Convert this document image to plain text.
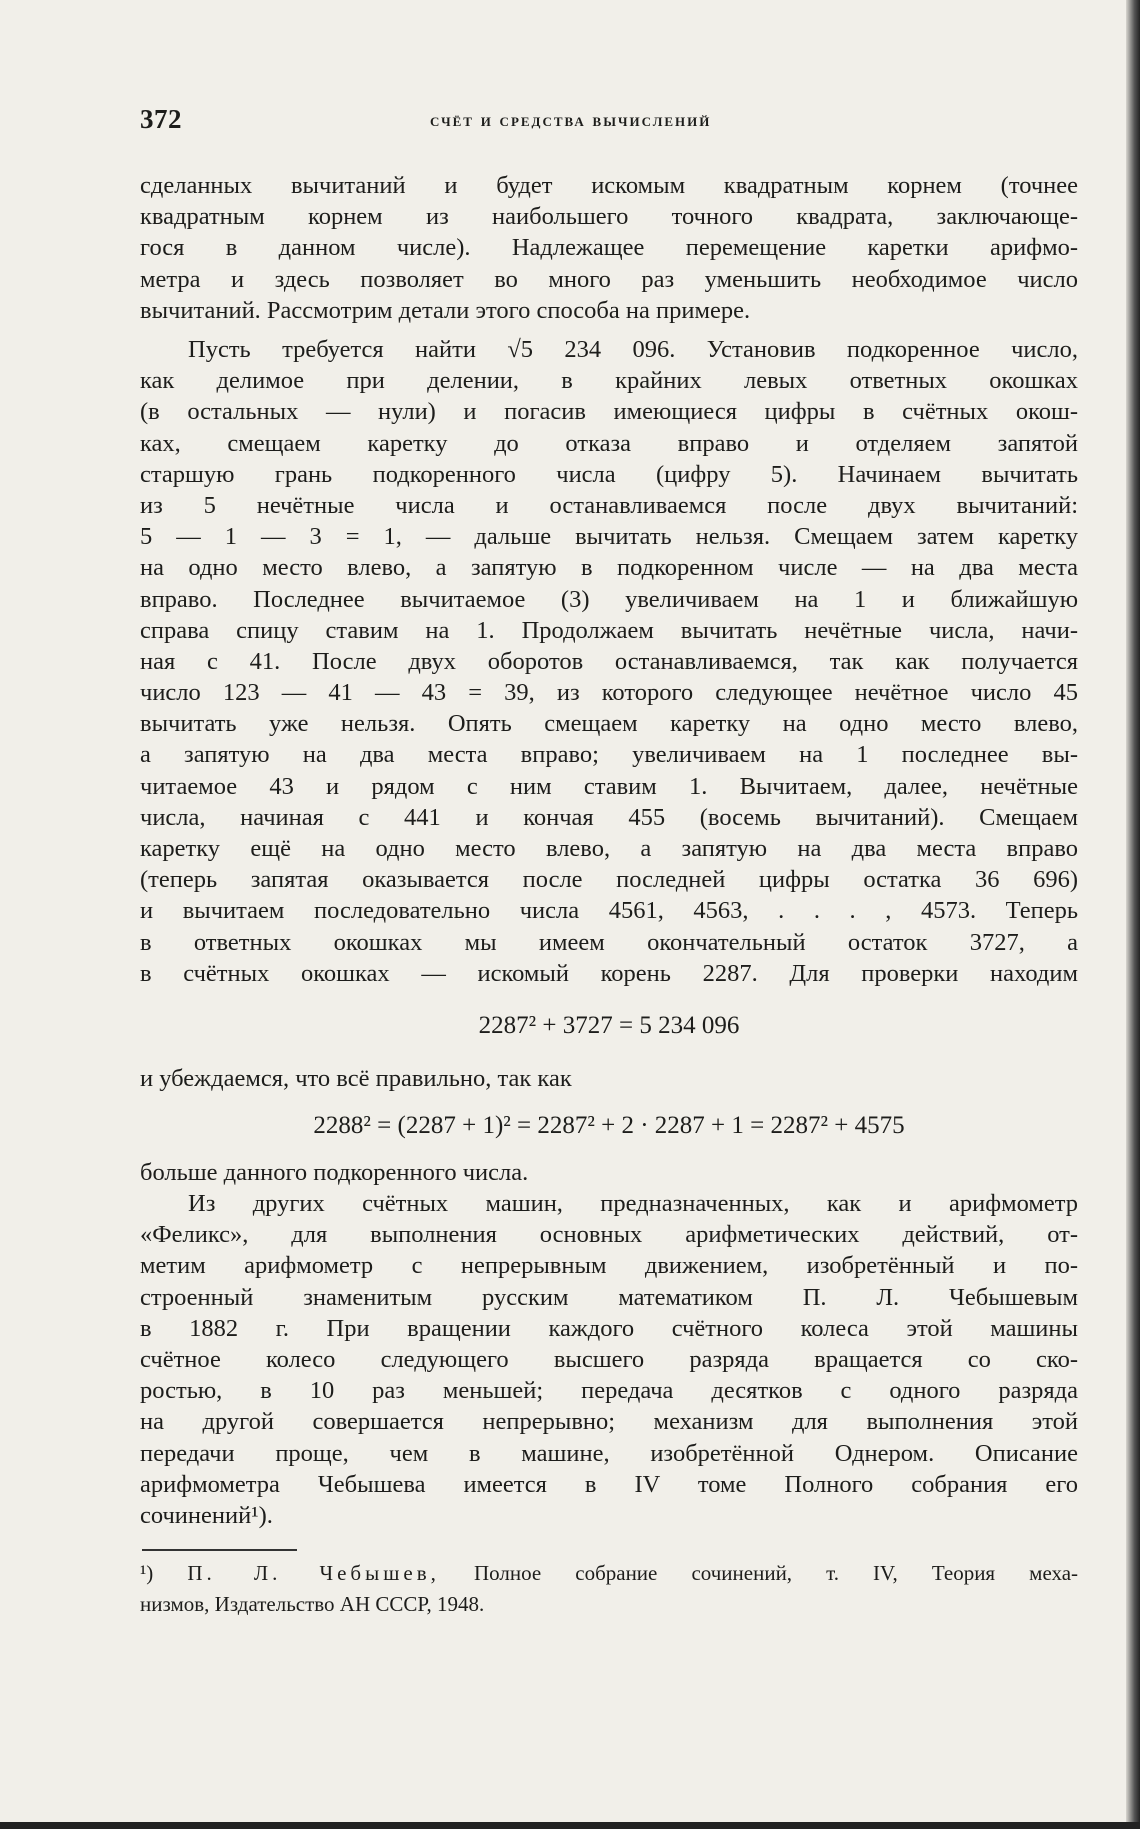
372	счёт и средства вычислений
сделанных вычитаний и будет искомым квадратным корнем (точнее
квадратным корнем из наибольшего точного квадрата, заключающе-
гося в данном числе). Надлежащее перемещение каретки арифмо-
метра и здесь позволяет во много раз уменьшить необходимое число
вычитаний. Рассмотрим детали этого способа на примере.
Пусть требуется найти √5 234 096. Установив подкоренное число,
как делимое при делении, в крайних левых ответных окошках
(в остальных — нули) и погасив имеющиеся цифры в счётных окош-
ках, смещаем каретку до отказа вправо и отделяем запятой
старшую грань подкоренного числа (цифру 5). Начинаем вычитать
из 5 нечётные числа и останавливаемся после двух вычитаний:
5 — 1 — 3 = 1, — дальше вычитать нельзя. Смещаем затем каретку
на одно место влево, а запятую в подкоренном числе — на два места
вправо. Последнее вычитаемое (3) увеличиваем на 1 и ближайшую
справа спицу ставим на 1. Продолжаем вычитать нечётные числа, начи-
ная с 41. После двух оборотов останавливаемся, так как получается
число 123 — 41 — 43 = 39, из которого следующее нечётное число 45
вычитать уже нельзя. Опять смещаем каретку на одно место влево,
а запятую на два места вправо; увеличиваем на 1 последнее вы-
читаемое 43 и рядом с ним ставим 1. Вычитаем, далее, нечётные
числа, начиная с 441 и кончая 455 (восемь вычитаний). Смещаем
каретку ещё на одно место влево, а запятую на два места вправо
(теперь запятая оказывается после последней цифры остатка 36 696)
и вычитаем последовательно числа 4561, 4563, . . . , 4573. Теперь
в ответных окошках мы имеем окончательный остаток 3727, а
в счётных окошках — искомый корень 2287. Для проверки находим
2287² + 3727 = 5 234 096
и убеждаемся, что всё правильно, так как
2288² = (2287 + 1)² = 2287² + 2 · 2287 + 1 = 2287² + 4575
больше данного подкоренного числа.
Из других счётных машин, предназначенных, как и арифмометр
«Феликс», для выполнения основных арифметических действий, от-
метим арифмометр с непрерывным движением, изобретённый и по-
строенный знаменитым русским математиком П. Л. Чебышевым
в 1882 г. При вращении каждого счётного колеса этой машины
счётное колесо следующего высшего разряда вращается со ско-
ростью, в 10 раз меньшей; передача десятков с одного разряда
на другой совершается непрерывно; механизм для выполнения этой
передачи проще, чем в машине, изобретённой Однером. Описание
арифмометра Чебышева имеется в IV томе Полного собрания его
сочинений¹).
¹) П. Л. Чебышев, Полное собрание сочинений, т. IV, Теория меха-
низмов, Издательство АН СССР, 1948.
